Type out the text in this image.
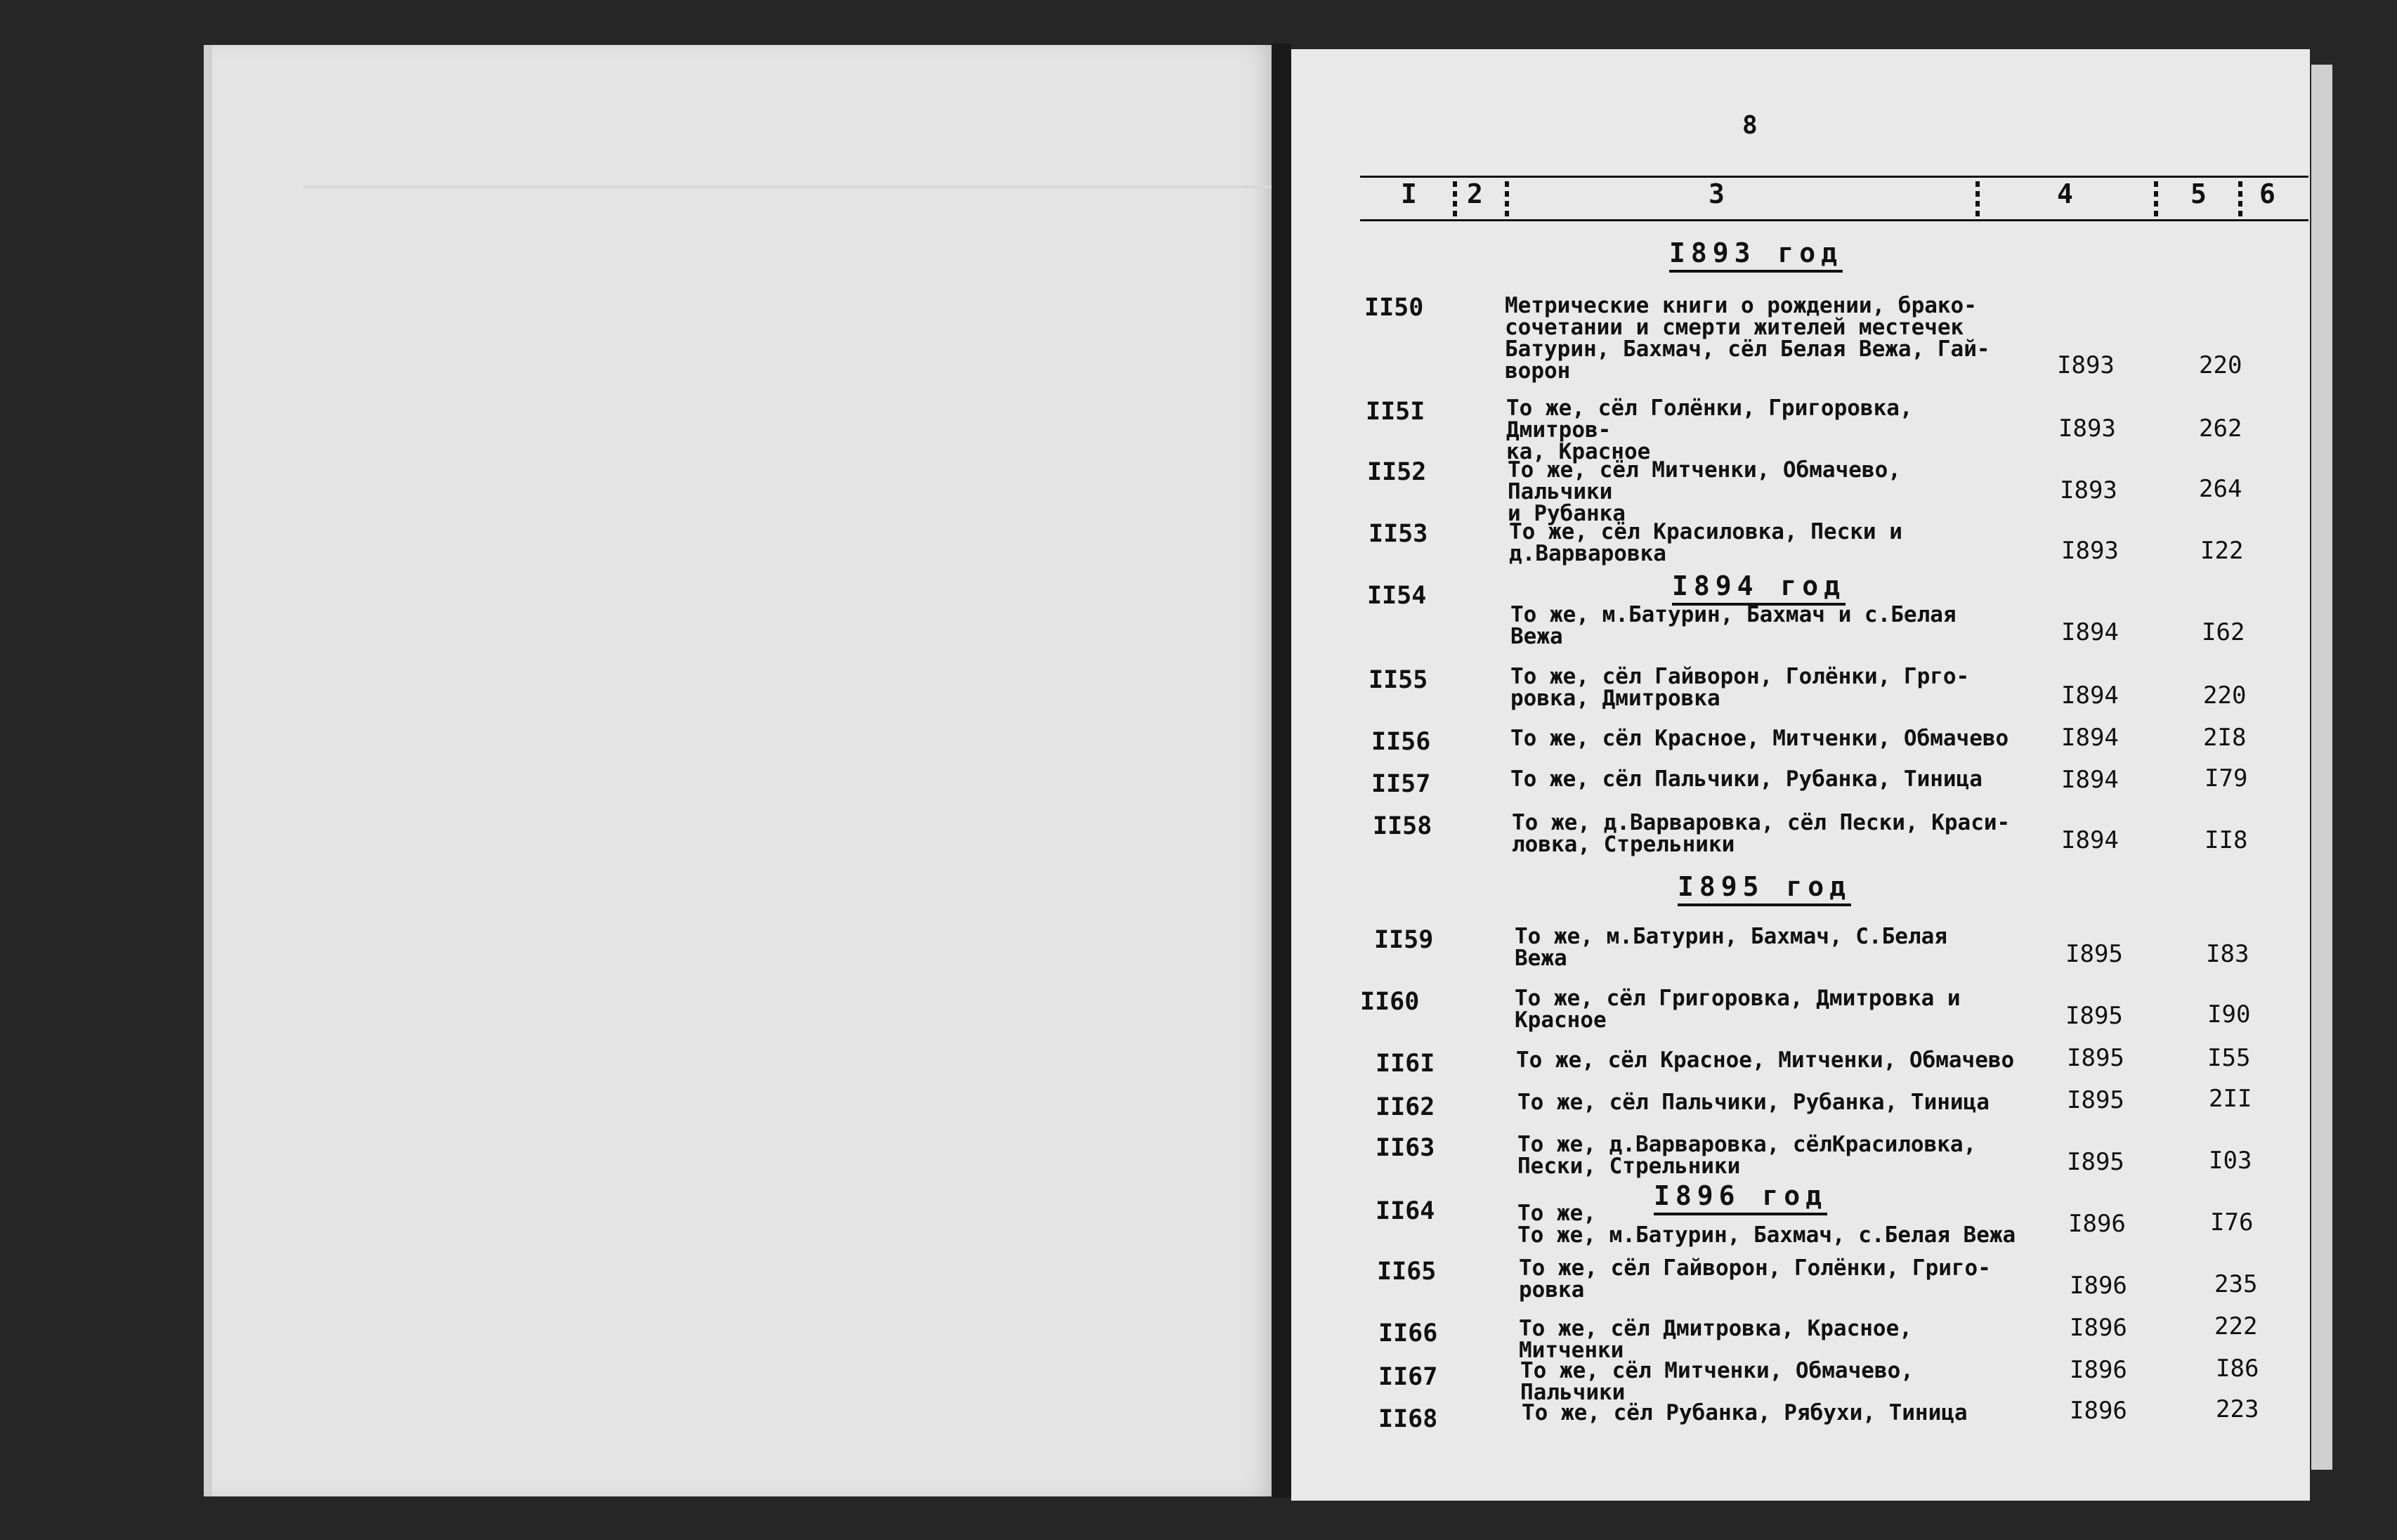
8
I 2	3	4	5 6
I893 год
I894 год
I895 год
I896 год
II50	Метрические книги о рождении, брако-
сочетании и смерти жителей местечек
Батурин, Бахмач, сёл Белая Вежа, Гай-
ворон	I893	220
II5I	То же, сёл Голёнки, Григоровка, Дмитров-
ка, Красное
I893	262
II52	То же, сёл Митченки, Обмачево, Пальчики
и Рубанка
I893	264
II53	То же, сёл Красиловка, Пески и
д.Варваровка	I893	I22
II54
То же, м.Батурин, Бахмач и с.Белая
Вежа	I894	I62
II55	То же, сёл Гайворон, Голёнки, Грго-
ровка, Дмитровка	I894	220
II56	То же, сёл Красное, Митченки, Обмачево	I894	2I8
II57	То же, сёл Пальчики, Рубанка, Тиница	I894	I79
II58	То же, д.Варваровка, сёл Пески, Краси-
ловка, Стрельники	I894	II8
II59	То же, м.Батурин, Бахмач, С.Белая
Вежа	I895	I83
II60	То же, сёл Григоровка, Дмитровка и
Красное	I895	I90
II6I	То же, сёл Красное, Митченки, Обмачево	I895	I55
II62	То же, сёл Пальчики, Рубанка, Тиница	I895	2II
II63	То же, д.Варваровка, сёлКрасиловка,
Пески, Стрельники	I895	I03
II64	То же,
То же, м.Батурин, Бахмач, с.Белая Вежа	I896	I76
II65	То же, сёл Гайворон, Голёнки, Григо-
ровка	I896	235
II66	То же, сёл Дмитровка, Красное, Митченки
I896	222
II67	То же, сёл Митченки, Обмачево, Пальчики
I896	I86
II68	То же, сёл Рубанка, Рябухи, Тиница	I896	223
